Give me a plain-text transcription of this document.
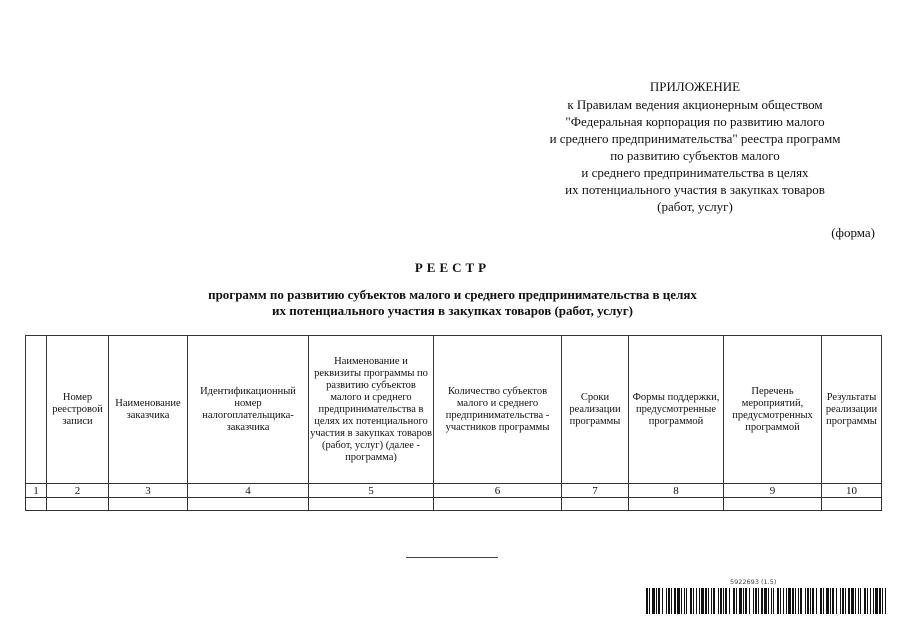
ПРИЛОЖЕНИЕ
к Правилам ведения акционерным обществом
"Федеральная корпорация по развитию малого
и среднего предпринимательства" реестра программ
по развитию субъектов малого
и среднего предпринимательства в целях
их потенциального участия в закупках товаров
(работ, услуг)
(форма)
РЕЕСТР
программ по развитию субъектов малого и среднего предпринимательства в целях
их потенциального участия в закупках товаров (работ, услуг)
	Номер реестровой записи	Наименование заказчика	Идентификационный номер налогоплательщика-заказчика	Наименование и реквизиты программы по развитию субъектов малого и среднего предпринимательства в целях их потенциального участия в закупках товаров (работ, услуг) (далее - программа)	Количество субъектов малого и среднего предпринимательства - участников программы	Сроки реализации программы	Формы поддержки, предусмотренные программой	Перечень мероприятий, предусмотренных программой	Результаты реализации программы
1	2	3	4	5	6	7	8	9	10

5922693 (1.5)
